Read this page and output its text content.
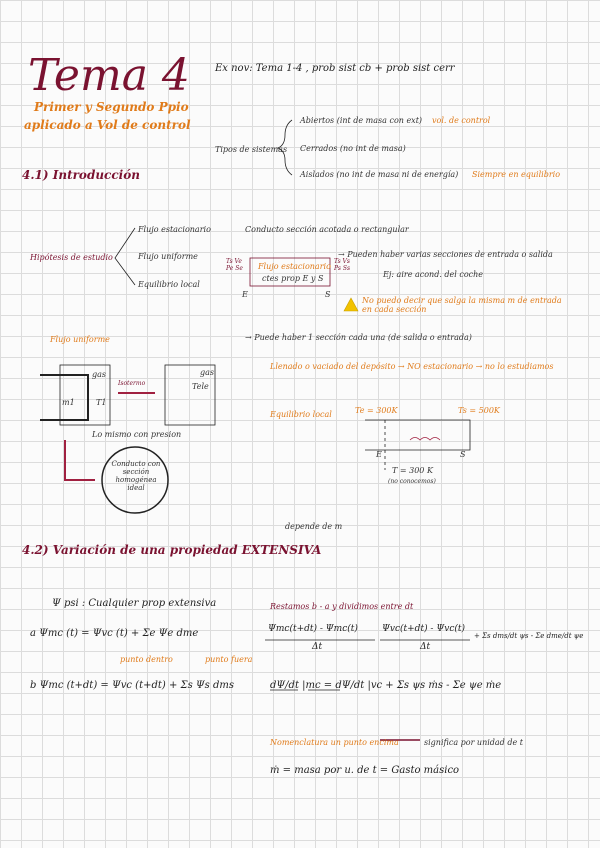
Tema 4
Primer y Segundo Ppio
aplicado a Vol de control
Ex nov: Tema 1-4 , prob sist cb + prob sist cerr
Tipos de sistemas
Abiertos (int de masa con ext) vol. de control
Cerrados (no int de masa)
Aislados (no int de masa ni de energía) Siempre en equilibrio
4.1) Introducción
Hipótesis de estudio
Flujo estacionario
Flujo uniforme
Equilibrio local
Conducto sección acotada o rectangular
Ts Ve Pe Se	Flujo estacionario
ctes prop E y S
Ts Vs Ps Ss
E	S
→ Pueden haber varias secciones de entrada o salida
Ej: aire acond. del coche
No puedo decir que salga la misma m de entrada en cada sección
Flujo uniforme	→ Puede haber 1 sección cada una (de salida o entrada)
Llenado o vaciado del depósito → NO estacionario → no lo estudiamos
gas	gas
T1
m1
Tele
Isotermo
Lo mismo con presion
Conducto con sección homogénea ideal
Equilibrio local	Te = 300K	Ts = 500K
E	S
T = 300 K
(no conocemos)
depende de m
4.2) Variación de una propiedad EXTENSIVA
Ψ psi : Cualquier prop extensiva
a Ψmc (t) = Ψvc (t) + Σe Ψe dme
punto dentro	punto fuera
b Ψmc (t+dt) = Ψvc (t+dt) + Σs Ψs dms
Restamos b - a y dividimos entre dt
Ψmc(t+dt) - Ψmc(t)
Δt
Ψvc(t+dt) - Ψvc(t)
Δt
+ Σs dms/dt ψs - Σe dme/dt ψe
dΨ/dt |mc = dΨ/dt |vc + Σs ψs ṁs - Σe ψe ṁe
Nomenclatura un punto encima	significa por unidad de t
ṁ = masa por u. de t = Gasto másico
